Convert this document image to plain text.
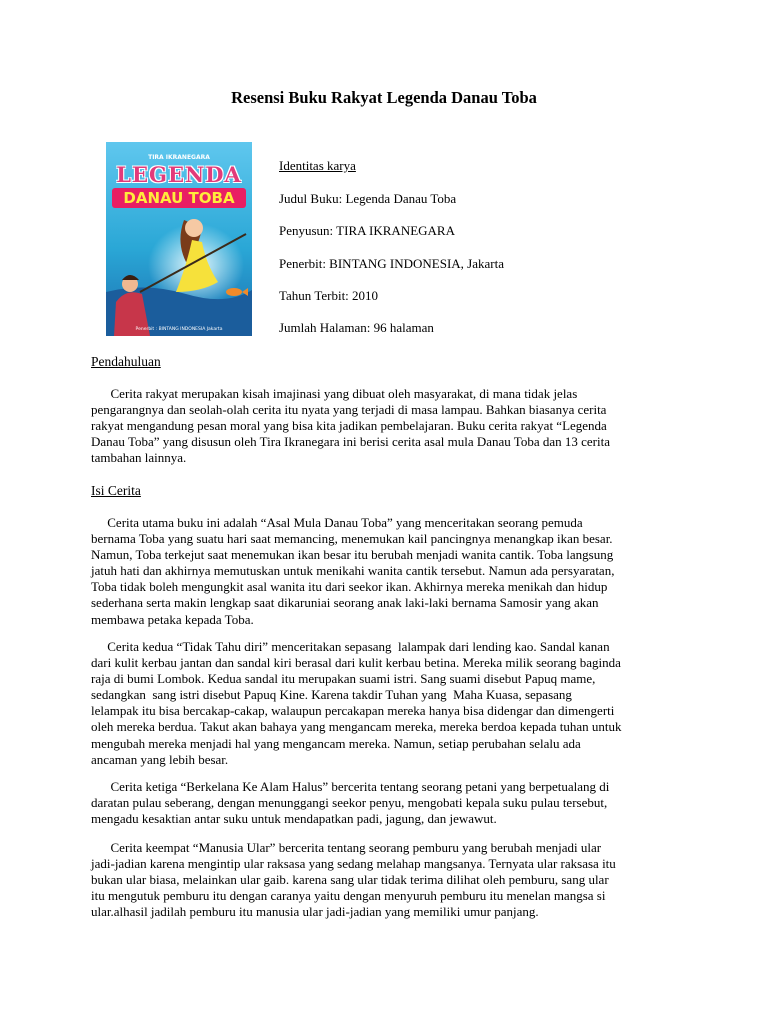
Resensi Buku Rakyat Legenda Danau Toba
TIRA IKRANEGARA
LEGENDA
DANAU TOBA
Penerbit : BINTANG INDONESIA Jakarta
Identitas karya
Judul Buku: Legenda Danau Toba
Penyusun: TIRA IKRANEGARA
Penerbit: BINTANG INDONESIA, Jakarta
Tahun Terbit: 2010
Jumlah Halaman: 96 halaman
Pendahuluan
Cerita rakyat merupakan kisah imajinasi yang dibuat oleh masyarakat, di mana tidak jelas
pengarangnya dan seolah-olah cerita itu nyata yang terjadi di masa lampau. Bahkan biasanya cerita
rakyat mengandung pesan moral yang bisa kita jadikan pembelajaran. Buku cerita rakyat “Legenda
Danau Toba” yang disusun oleh Tira Ikranegara ini berisi cerita asal mula Danau Toba dan 13 cerita
tambahan lainnya.
Isi Cerita
Cerita utama buku ini adalah “Asal Mula Danau Toba” yang menceritakan seorang pemuda
bernama Toba yang suatu hari saat memancing, menemukan kail pancingnya menangkap ikan besar.
Namun, Toba terkejut saat menemukan ikan besar itu berubah menjadi wanita cantik. Toba langsung
jatuh hati dan akhirnya memutuskan untuk menikahi wanita cantik tersebut. Namun ada persyaratan,
Toba tidak boleh mengungkit asal wanita itu dari seekor ikan. Akhirnya mereka menikah dan hidup
sederhana serta makin lengkap saat dikaruniai seorang anak laki-laki bernama Samosir yang akan
membawa petaka kepada Toba.
Cerita kedua “Tidak Tahu diri” menceritakan sepasang  lalampak dari lending kao. Sandal kanan
dari kulit kerbau jantan dan sandal kiri berasal dari kulit kerbau betina. Mereka milik seorang baginda
raja di bumi Lombok. Kedua sandal itu merupakan suami istri. Sang suami disebut Papuq mame,
sedangkan  sang istri disebut Papuq Kine. Karena takdir Tuhan yang  Maha Kuasa, sepasang
lelampak itu bisa bercakap-cakap, walaupun percakapan mereka hanya bisa didengar dan dimengerti
oleh mereka berdua. Takut akan bahaya yang mengancam mereka, mereka berdoa kepada tuhan untuk
mengubah mereka menjadi hal yang mengancam mereka. Namun, setiap perubahan selalu ada
ancaman yang lebih besar.
Cerita ketiga “Berkelana Ke Alam Halus” bercerita tentang seorang petani yang berpetualang di
daratan pulau seberang, dengan menunggangi seekor penyu, mengobati kepala suku pulau tersebut,
mengadu kesaktian antar suku untuk mendapatkan padi, jagung, dan jewawut.
Cerita keempat “Manusia Ular” bercerita tentang seorang pemburu yang berubah menjadi ular
jadi-jadian karena mengintip ular raksasa yang sedang melahap mangsanya. Ternyata ular raksasa itu
bukan ular biasa, melainkan ular gaib. karena sang ular tidak terima dilihat oleh pemburu, sang ular
itu mengutuk pemburu itu dengan caranya yaitu dengan menyuruh pemburu itu menelan mangsa si
ular.alhasil jadilah pemburu itu manusia ular jadi-jadian yang memiliki umur panjang.
